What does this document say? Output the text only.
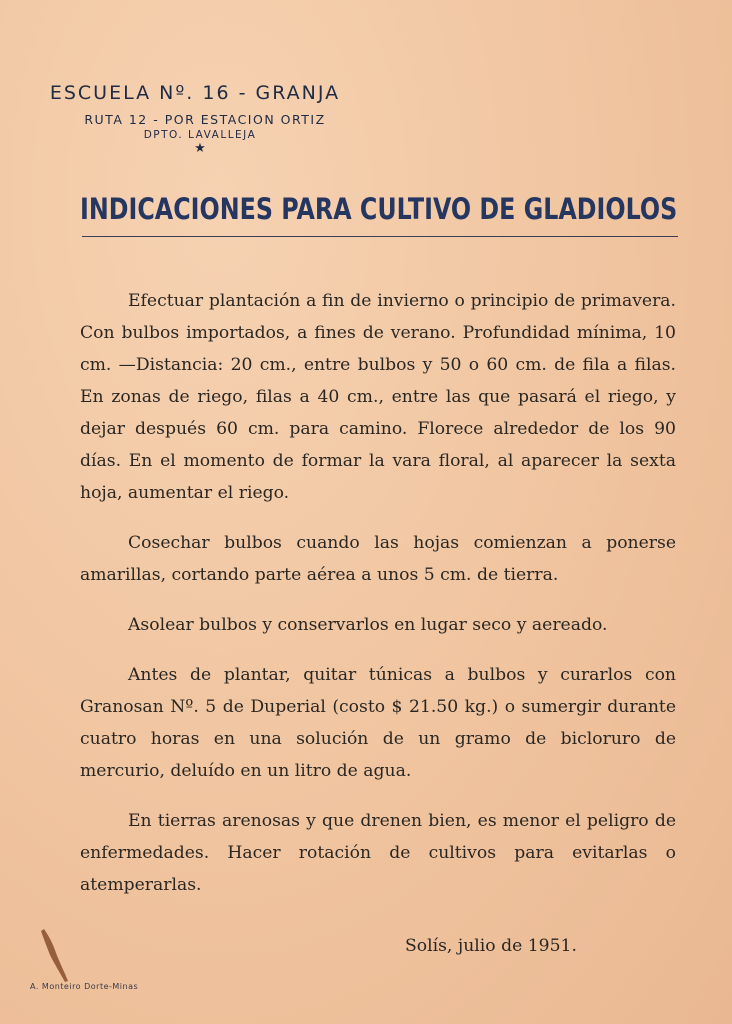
ESCUELA Nº. 16 - GRANJA
RUTA 12 - POR ESTACION ORTIZ
DPTO. LAVALLEJA
★
INDICACIONES PARA CULTIVO DE GLADIOLOS

Efectuar plantación a fin de invierno o principio de primavera. Con bulbos importados, a fines de verano. Profundidad mínima, 10 cm. —Distancia: 20 cm., entre bulbos y 50 o 60 cm. de fila a filas. En zonas de riego, filas a 40 cm., entre las que pasará el riego, y dejar después 60 cm. para camino. Florece alrededor de los 90 días. En el momento de formar la vara floral, al aparecer la sexta hoja, aumentar el riego.

Cosechar bulbos cuando las hojas comienzan a ponerse amarillas, cortando parte aérea a unos 5 cm. de tierra.

Asolear bulbos y conservarlos en lugar seco y aereado.

Antes de plantar, quitar túnicas a bulbos y curarlos con Granosan Nº. 5 de Duperial (costo $ 21.50 kg.) o sumergir durante cuatro horas en una solución de un gramo de bicloruro de mercurio, deluído en un litro de agua.

En tierras arenosas y que drenen bien, es menor el peligro de enfermedades. Hacer rotación de cultivos para evitarlas o atemperarlas.

Solís, julio de 1951.
A. Monteiro Dorte-Minas
